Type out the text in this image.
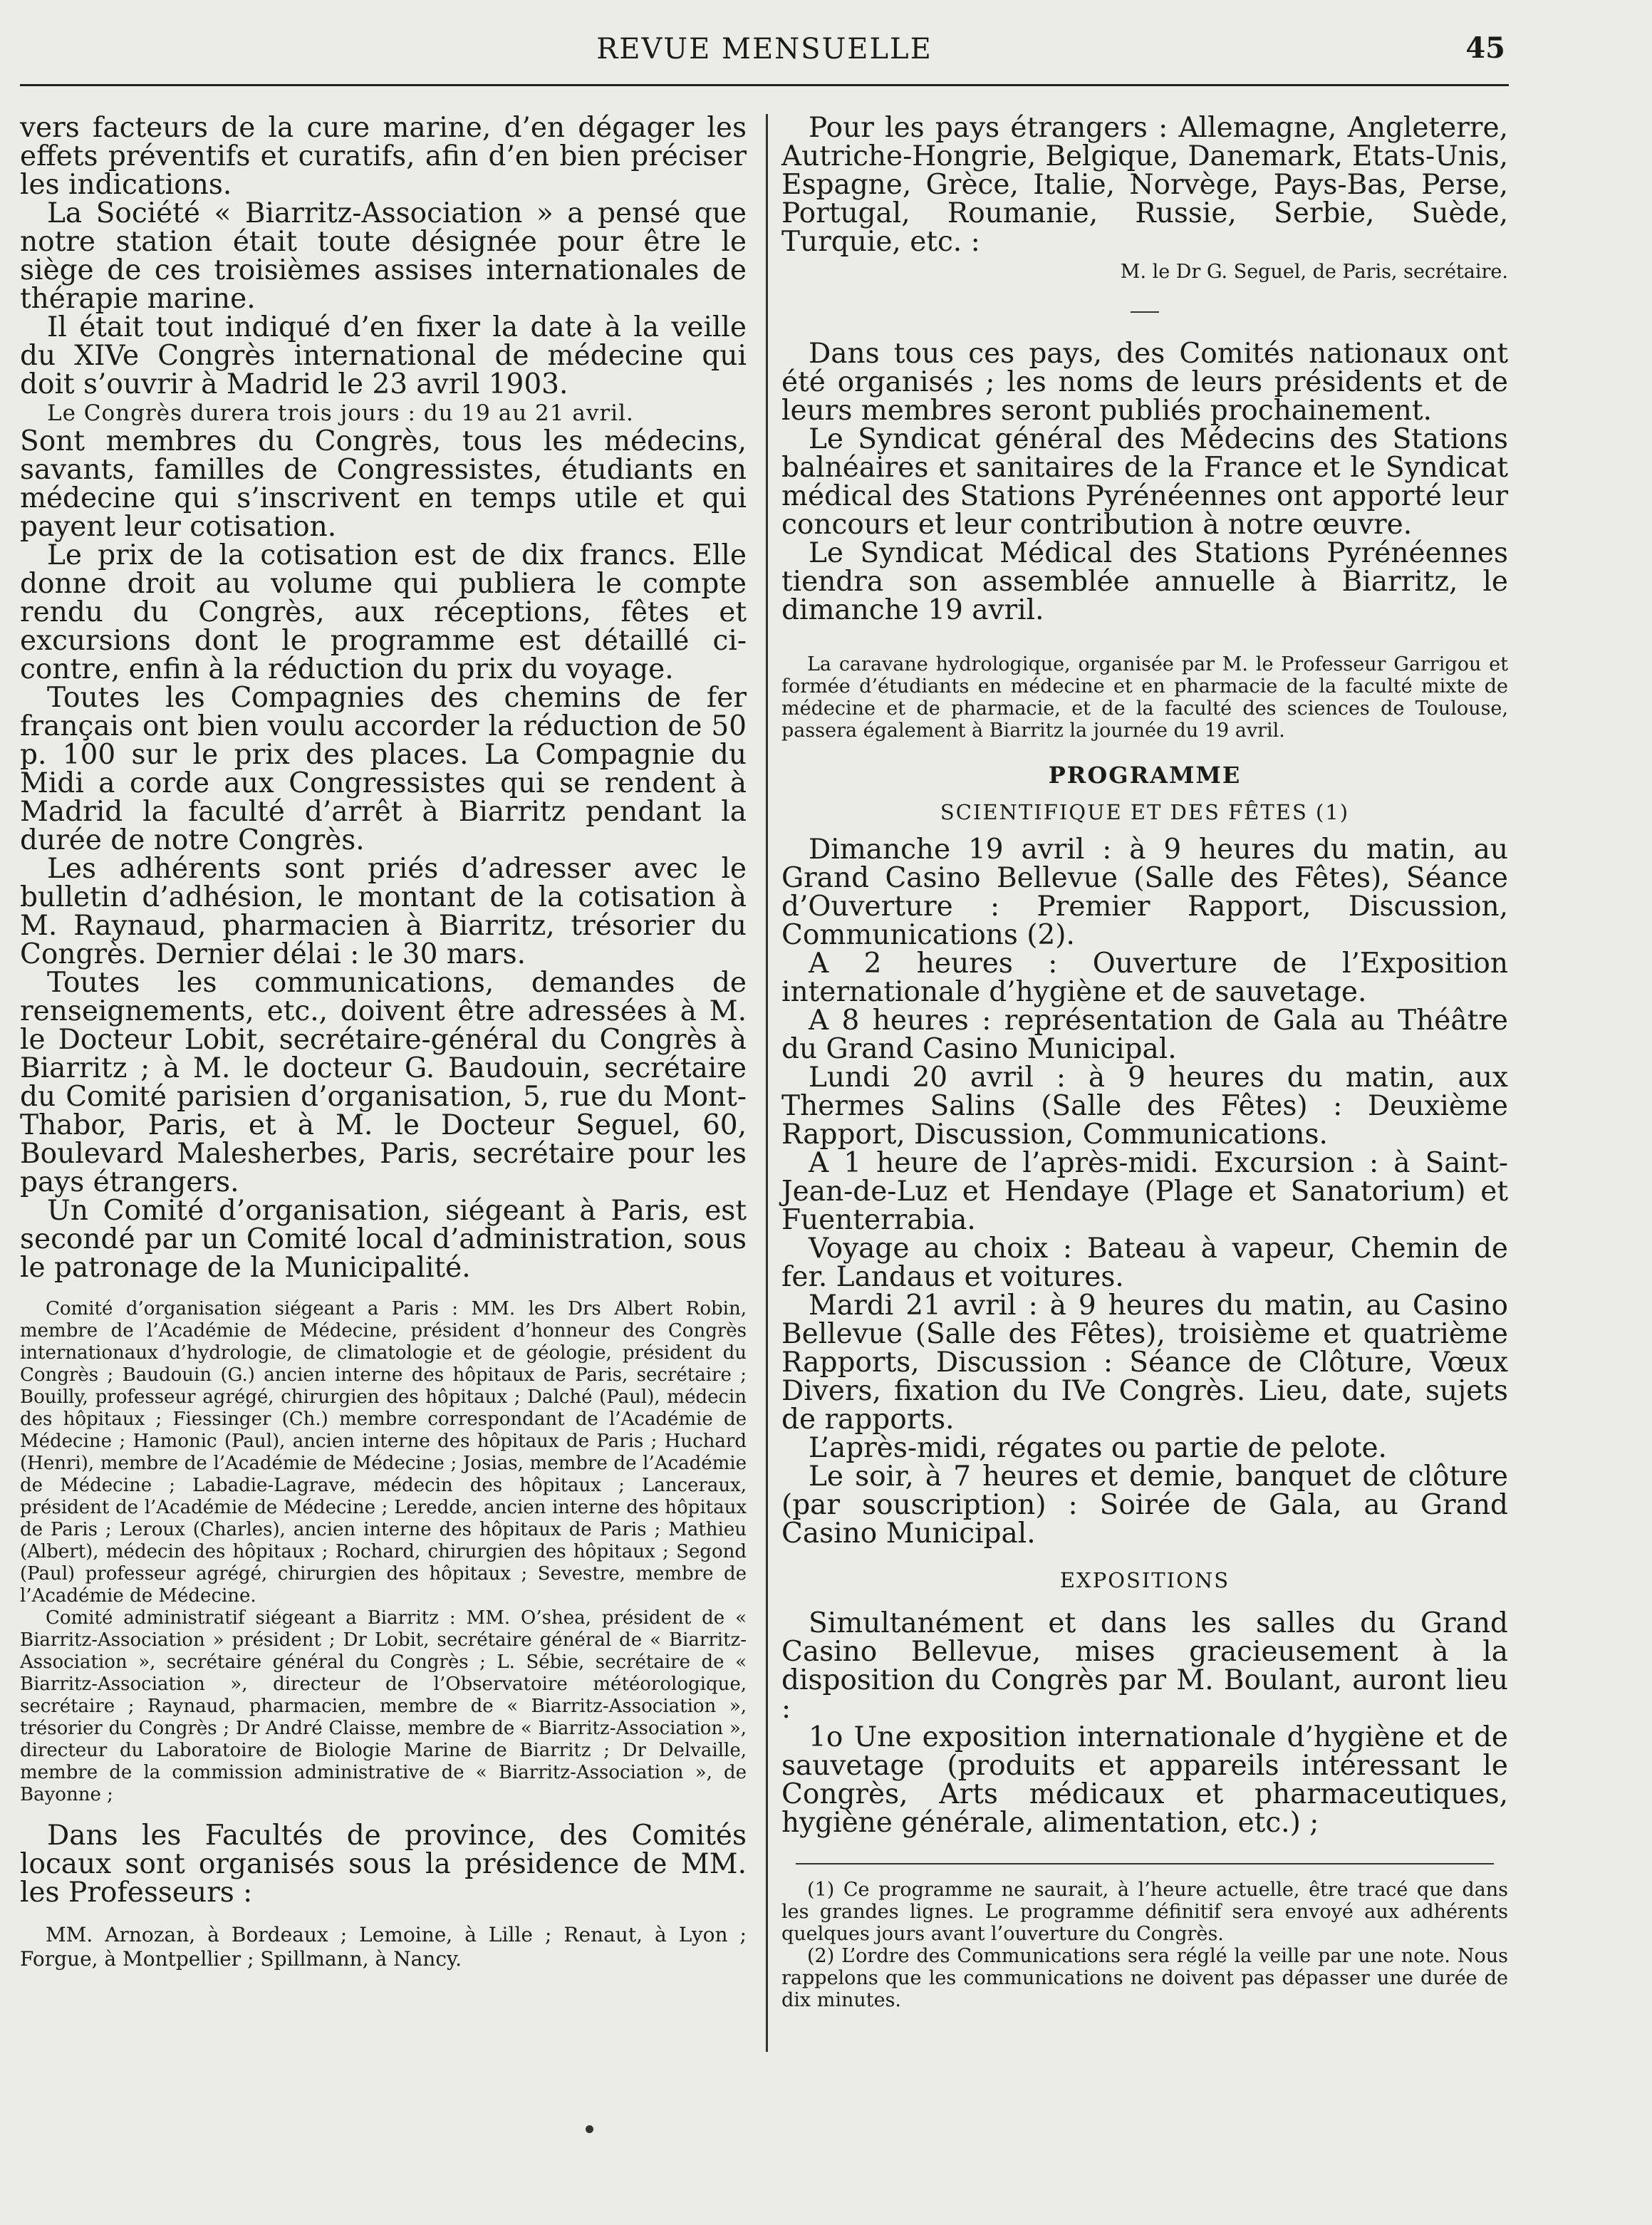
REVUE MENSUELLE	45

vers facteurs de la cure marine, d’en dégager les effets préventifs et curatifs, afin d’en bien préciser les indications.

La Société « Biarritz-Association » a pensé que notre station était toute désignée pour être le siège de ces troisièmes assises internationales de thérapie marine.

Il était tout indiqué d’en fixer la date à la veille du XIVe Congrès international de médecine qui doit s’ouvrir à Madrid le 23 avril 1903.

Le Congrès durera trois jours : du 19 au 21 avril.

Sont membres du Congrès, tous les médecins, savants, familles de Congressistes, étudiants en médecine qui s’inscrivent en temps utile et qui payent leur cotisation.

Le prix de la cotisation est de dix francs. Elle donne droit au volume qui publiera le compte rendu du Congrès, aux réceptions, fêtes et excursions dont le programme est détaillé ci-contre, enfin à la réduction du prix du voyage.

Toutes les Compagnies des chemins de fer français ont bien voulu accorder la réduction de 50 p. 100 sur le prix des places. La Compagnie du Midi a corde aux Congressistes qui se rendent à Madrid la faculté d’arrêt à Biarritz pendant la durée de notre Congrès.

Les adhérents sont priés d’adresser avec le bulletin d’adhésion, le montant de la cotisation à M. Raynaud, pharmacien à Biarritz, trésorier du Congrès. Dernier délai : le 30 mars.

Toutes les communications, demandes de renseignements, etc., doivent être adressées à M. le Docteur Lobit, secrétaire-général du Congrès à Biarritz ; à M. le docteur G. Baudouin, secrétaire du Comité parisien d’organisation, 5, rue du Mont-Thabor, Paris, et à M. le Docteur Seguel, 60, Boulevard Malesherbes, Paris, secrétaire pour les pays étrangers.

Un Comité d’organisation, siégeant à Paris, est secondé par un Comité local d’administration, sous le patronage de la Municipalité.

Comité d’organisation siégeant a Paris : MM. les Drs Albert Robin, membre de l’Académie de Médecine, président d’honneur des Congrès internationaux d’hydrologie, de climatologie et de géologie, président du Congrès ; Baudouin (G.) ancien interne des hôpitaux de Paris, secrétaire ; Bouilly, professeur agrégé, chirurgien des hôpitaux ; Dalché (Paul), médecin des hôpitaux ; Fiessinger (Ch.) membre correspondant de l’Académie de Médecine ; Hamonic (Paul), ancien interne des hôpitaux de Paris ; Huchard (Henri), membre de l’Académie de Médecine ; Josias, membre de l’Académie de Médecine ; Labadie-Lagrave, médecin des hôpitaux ; Lanceraux, président de l’Académie de Médecine ; Leredde, ancien interne des hôpitaux de Paris ; Leroux (Charles), ancien interne des hôpitaux de Paris ; Mathieu (Albert), médecin des hôpitaux ; Rochard, chirurgien des hôpitaux ; Segond (Paul) professeur agrégé, chirurgien des hôpitaux ; Sevestre, membre de l’Académie de Médecine.

Comité administratif siégeant a Biarritz : MM. O’shea, président de « Biarritz-Association » président ; Dr Lobit, secrétaire général de « Biarritz-Association », secrétaire général du Congrès ; L. Sébie, secrétaire de « Biarritz-Association », directeur de l’Observatoire météorologique, secrétaire ; Raynaud, pharmacien, membre de « Biarritz-Association », trésorier du Congrès ; Dr André Claisse, membre de « Biarritz-Association », directeur du Laboratoire de Biologie Marine de Biarritz ; Dr Delvaille, membre de la commission administrative de « Biarritz-Association », de Bayonne ;

Dans les Facultés de province, des Comités locaux sont organisés sous la présidence de MM. les Professeurs :

MM. Arnozan, à Bordeaux ; Lemoine, à Lille ; Renaut, à Lyon ; Forgue, à Montpellier ; Spillmann, à Nancy.

Pour les pays étrangers : Allemagne, Angleterre, Autriche-Hongrie, Belgique, Danemark, Etats-Unis, Espagne, Grèce, Italie, Norvège, Pays-Bas, Perse, Portugal, Roumanie, Russie, Serbie, Suède, Turquie, etc. :

M. le Dr G. Seguel, de Paris, secrétaire.

Dans tous ces pays, des Comités nationaux ont été organisés ; les noms de leurs présidents et de leurs membres seront publiés prochainement.

Le Syndicat général des Médecins des Stations balnéaires et sanitaires de la France et le Syndicat médical des Stations Pyrénéennes ont apporté leur concours et leur contribution à notre œuvre.

Le Syndicat Médical des Stations Pyrénéennes tiendra son assemblée annuelle à Biarritz, le dimanche 19 avril.

La caravane hydrologique, organisée par M. le Professeur Garrigou et formée d’étudiants en médecine et en pharmacie de la faculté mixte de médecine et de pharmacie, et de la faculté des sciences de Toulouse, passera également à Biarritz la journée du 19 avril.

PROGRAMME
SCIENTIFIQUE ET DES FÊTES (1)

Dimanche 19 avril : à 9 heures du matin, au Grand Casino Bellevue (Salle des Fêtes), Séance d’Ouverture : Premier Rapport, Discussion, Communications (2).

A 2 heures : Ouverture de l’Exposition internationale d’hygiène et de sauvetage.

A 8 heures : représentation de Gala au Théâtre du Grand Casino Municipal.

Lundi 20 avril : à 9 heures du matin, aux Thermes Salins (Salle des Fêtes) : Deuxième Rapport, Discussion, Communications.

A 1 heure de l’après-midi. Excursion : à Saint-Jean-de-Luz et Hendaye (Plage et Sanatorium) et Fuenterrabia.

Voyage au choix : Bateau à vapeur, Chemin de fer. Landaus et voitures.

Mardi 21 avril : à 9 heures du matin, au Casino Bellevue (Salle des Fêtes), troisième et quatrième Rapports, Discussion : Séance de Clôture, Vœux Divers, fixation du IVe Congrès. Lieu, date, sujets de rapports.

L’après-midi, régates ou partie de pelote.

Le soir, à 7 heures et demie, banquet de clôture (par souscription) : Soirée de Gala, au Grand Casino Municipal.

EXPOSITIONS

Simultanément et dans les salles du Grand Casino Bellevue, mises gracieusement à la disposition du Congrès par M. Boulant, auront lieu :

1o Une exposition internationale d’hygiène et de sauvetage (produits et appareils intéressant le Congrès, Arts médicaux et pharmaceutiques, hygiène générale, alimentation, etc.) ;

(1) Ce programme ne saurait, à l’heure actuelle, être tracé que dans les grandes lignes. Le programme définitif sera envoyé aux adhérents quelques jours avant l’ouverture du Congrès.

(2) L’ordre des Communications sera réglé la veille par une note. Nous rappelons que les communications ne doivent pas dépasser une durée de dix minutes.
